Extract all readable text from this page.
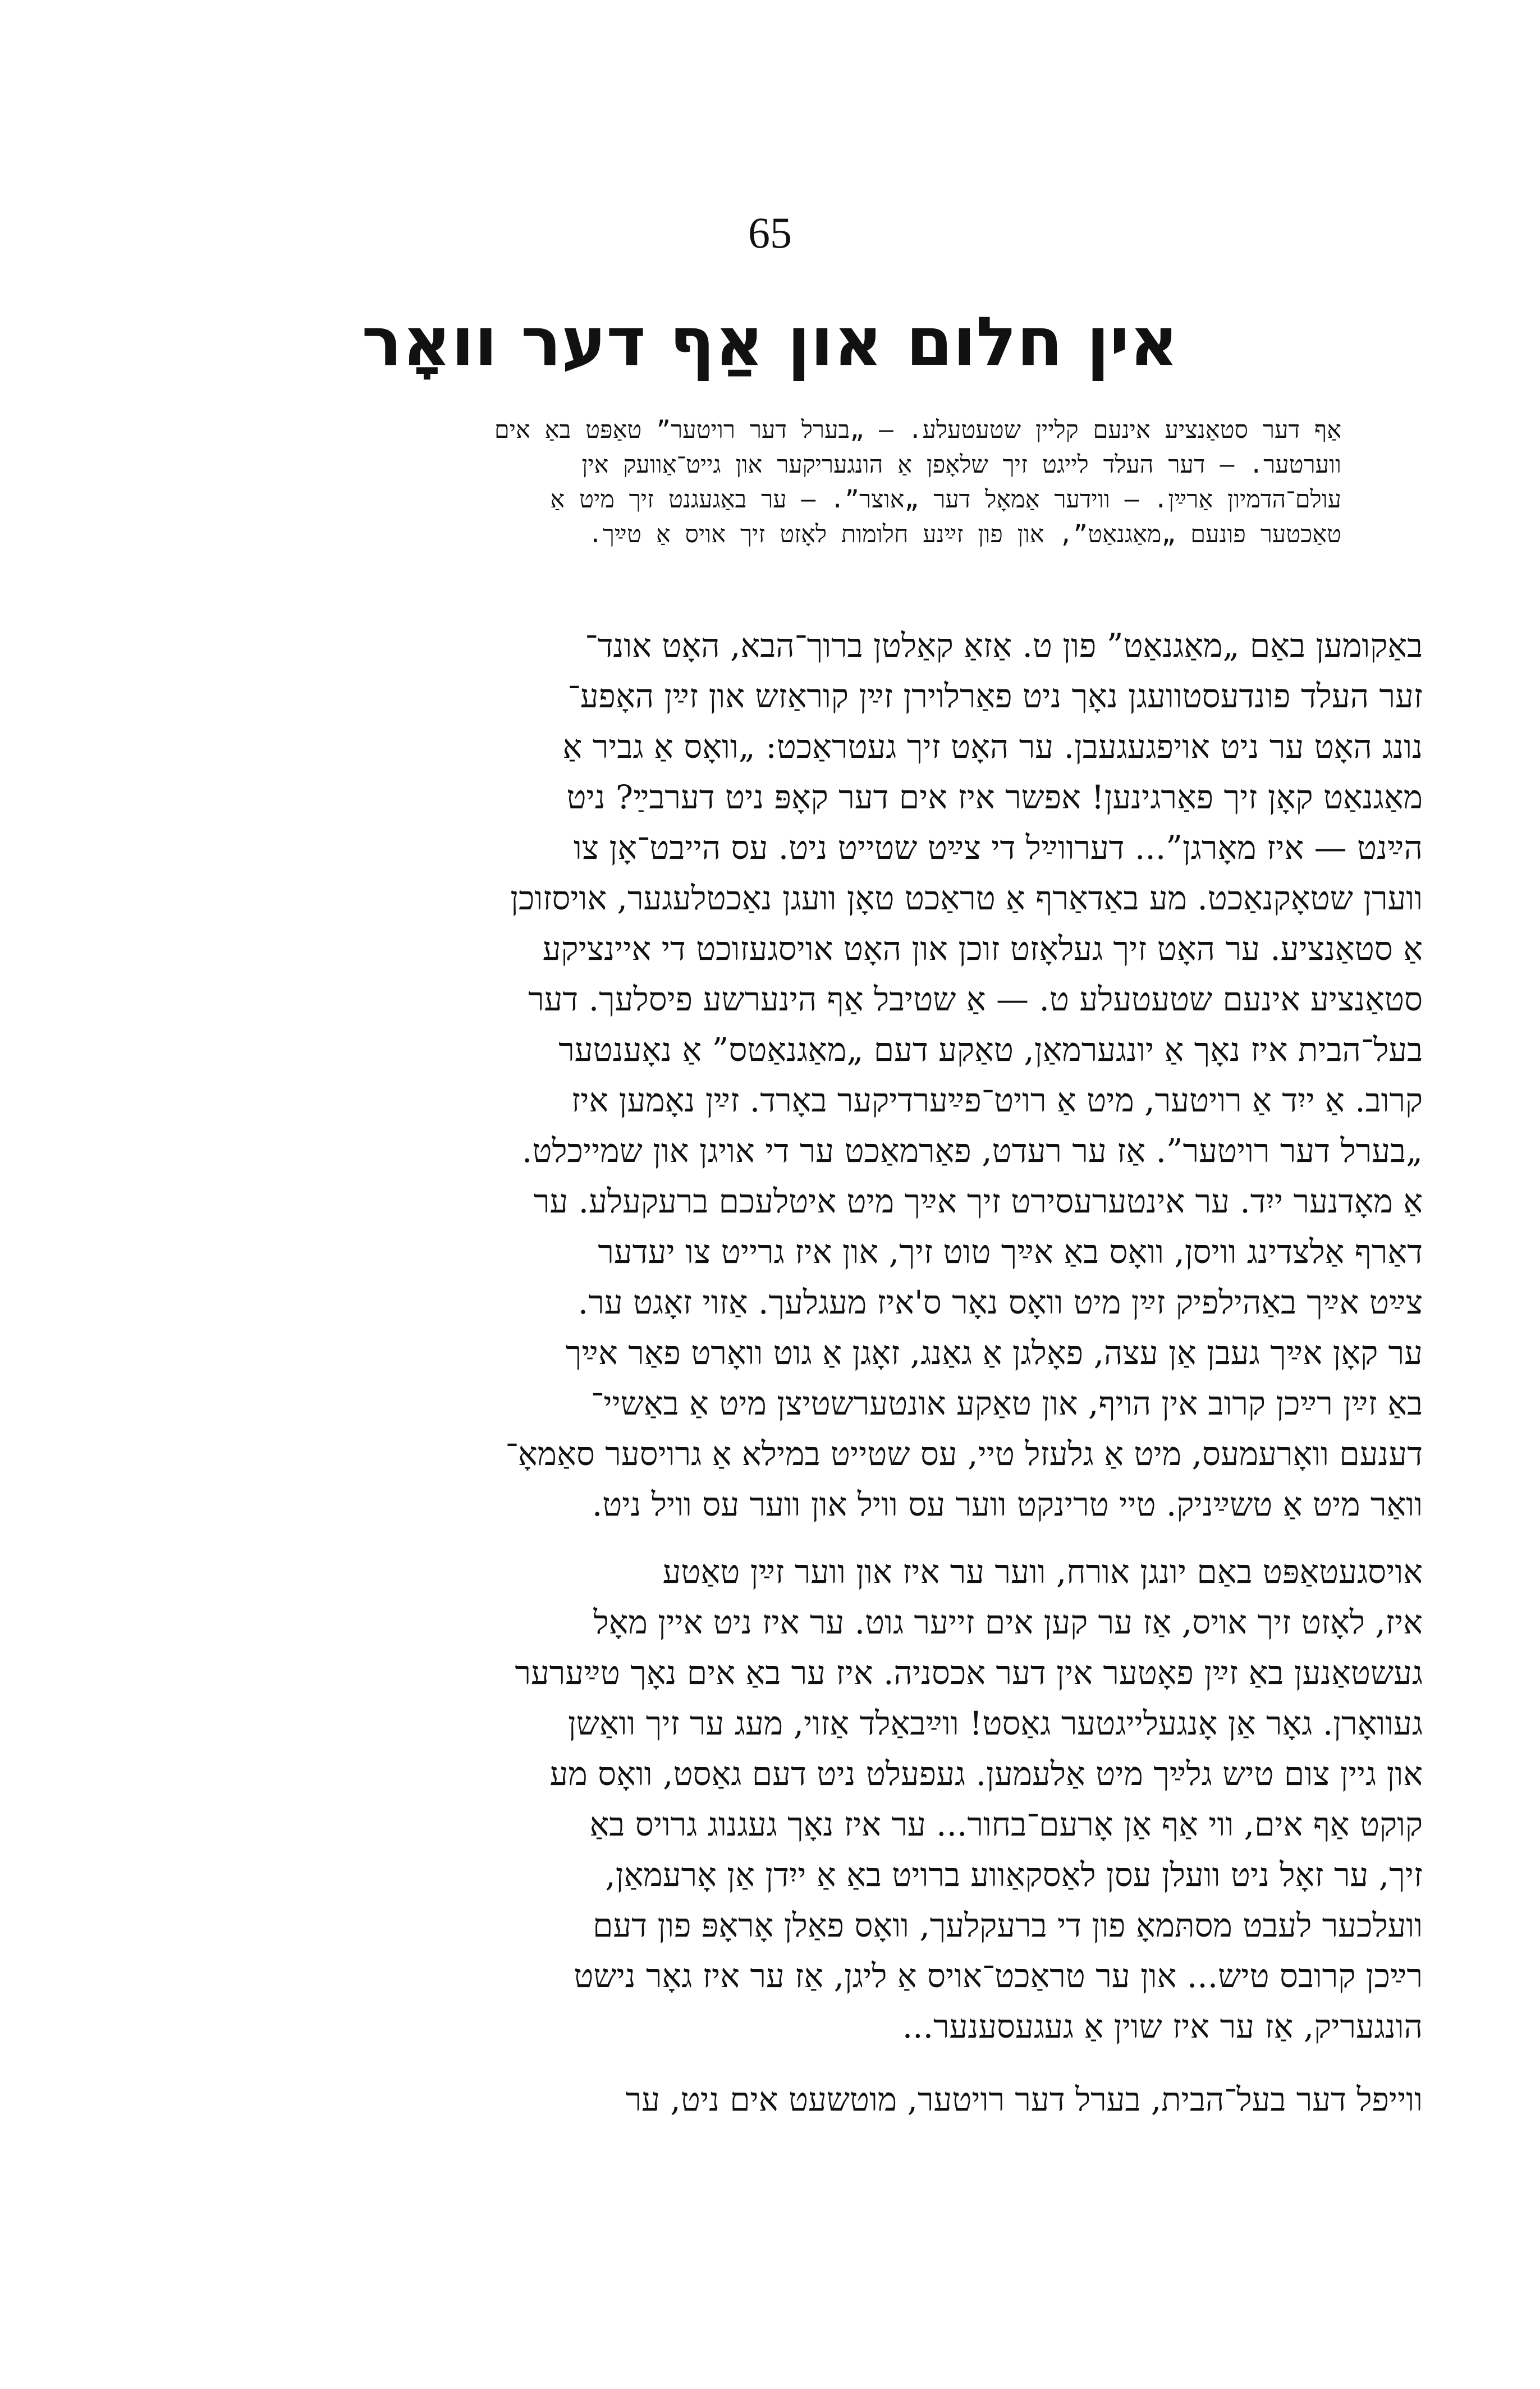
65
אין חלום און אַף דער וואָר
אַף דער סטאַנציע אינעם קליין שטעטעלע. — „בערל דער רויטער” טאַפּט באַ אים
ווערטער. — דער העלד לייגט זיך שלאָפן אַ הונגעריקער און גייט־אַוועק אין
עולם־הדמיון אַרײַן. — ווידער אַמאָל דער „אוצר”. — ער באַגעגנט זיך מיט אַ
טאַכטער פונעם „מאַגנאַט”, און פון זײַנע חלומות לאָזט זיך אויס אַ טײַך.

באַקומען באַם „מאַגנאַט” פון ט. אַזאַ קאַלטן ברוך־הבא, האָט אונד־
זער העלד פונדעסטוועגן נאָך ניט פאַרלוירן זײַן קוראַזש און זײַן האָפע־
נונג האָט ער ניט אויפגעגעבן. ער האָט זיך געטראַכט: „וואָס אַ גביר אַ
מאַגנאַט קאָן זיך פאַרגינען! אפשר איז אים דער קאָפּ ניט דערבײַ? ניט
הײַנט — איז מאָרגן”... דערווײַל די צײַט שטייט ניט. עס הייבט־אָן צו
ווערן שטאָקנאַכט. מע באַדאַרף אַ טראַכט טאָן וועגן נאַכטלעגער, אויסזוכן
אַ סטאַנציע. ער האָט זיך געלאָזט זוכן און האָט אויסגעזוכט די איינציקע
סטאַנציע אינעם שטעטעלע ט. — אַ שטיבל אַף הינערשע פיסלעך. דער
בעל־הבית איז נאָך אַ יונגערמאַן, טאַקע דעם „מאַגנאַטס” אַ נאָענטער
קרוב. אַ ייִד אַ רויטער, מיט אַ רויט־פײַערדיקער באָרד. זײַן נאָמען איז
„בערל דער רויטער”. אַז ער רעדט, פאַרמאַכט ער די אויגן און שמייכלט.
אַ מאָדנער ייִד. ער אינטערעסירט זיך אײַך מיט איטלעכם ברעקעלע. ער
דאַרף אַלצדינג וויסן, וואָס באַ אײַך טוט זיך, און איז גרייט צו יעדער
צײַט אײַך באַהילפיק זײַן מיט וואָס נאָר ס'איז מעגלעך. אַזוי זאָגט ער.
ער קאָן אײַך געבן אַן עצה, פאָלגן אַ גאַנג, זאָגן אַ גוט וואָרט פאַר אײַך
באַ זײַן רײַכן קרוב אין הויף, און טאַקע אונטערשטיצן מיט אַ באַשיי־
דענעם וואָרעמעס, מיט אַ גלעזל טיי, עס שטייט במילא אַ גרויסער סאַמאָ־
וואַר מיט אַ טשײַניק. טיי טרינקט ווער עס וויל און ווער עס וויל ניט.

אויסגעטאַפּט באַם יונגן אורח, ווער ער איז און ווער זײַן טאַטע
איז, לאָזט זיך אויס, אַז ער קען אים זייער גוט. ער איז ניט איין מאָל
געשטאַנען באַ זײַן פאָטער אין דער אכסניה. איז ער באַ אים נאָך טײַערער
געוואָרן. גאָר אַן אָנגעלייגטער גאַסט! ווײַבאַלד אַזוי, מעג ער זיך וואַשן
און גיין צום טיש גלײַך מיט אַלעמען. געפעלט ניט דעם גאַסט, וואָס מע
קוקט אַף אים, ווי אַף אַן אָרעם־בחור... ער איז נאָך געגנוג גרויס באַ
זיך, ער זאָל ניט וועלן עסן לאַסקאַווע ברויט באַ אַ ייִדן אַן אָרעמאַן,
וועלכער לעבט מסתּמאָ פון די ברעקלעך, וואָס פאַלן אָראָפּ פון דעם
רײַכן קרובס טיש... און ער טראַכט־אויס אַ ליגן, אַז ער איז גאָר נישט
הונגעריק, אַז ער איז שוין אַ געגעסענער...

ווייפל דער בעל־הבית, בערל דער רויטער, מוטשעט אים ניט, ער
